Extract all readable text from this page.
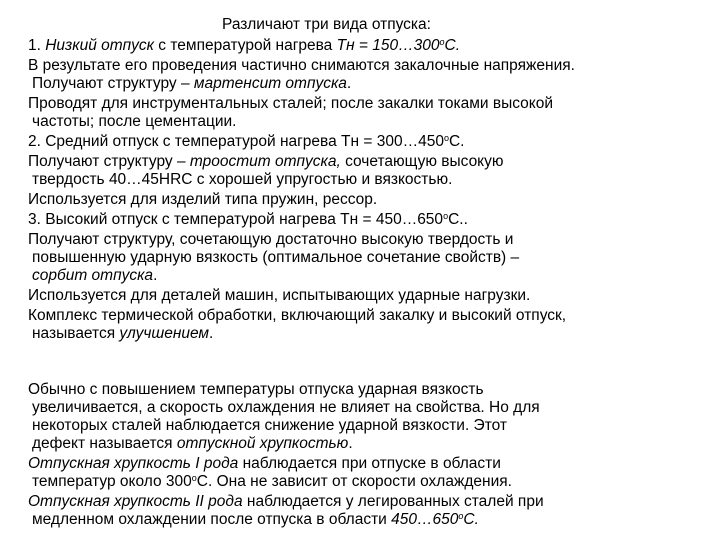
Различают три вида отпуска:

1. Низкий отпуск с температурой нагрева Тн = $150\dots 300^оС$.

В результате его проведения частично снимаются закалочные напряжения.
Получают структуру – мартенсит отпуска.

Проводят для инструментальных сталей; после закалки токами высокой
частоты; после цементации.

2. Средний отпуск с температурой нагрева Тн = $300\dots 450^оС$.

Получают структуру – троостит отпуска, сочетающую высокую
твердость 40…45HRC с хорошей упругостью и вязкостью.

Используется для изделий типа пружин, рессор.

3. Высокий отпуск с температурой нагрева Тн = $450\dots 650^оС$..

Получают структуру, сочетающую достаточно высокую твердость и
повышенную ударную вязкость (оптимальное сочетание свойств) –
сорбит отпуска.

Используется для деталей машин, испытывающих ударные нагрузки.

Комплекс термической обработки, включающий закалку и высокий отпуск,
называется улучшением.

Обычно с повышением температуры отпуска ударная вязкость
увеличивается, а скорость охлаждения не влияет на свойства. Но для
некоторых сталей наблюдается снижение ударной вязкости. Этот
дефект называется отпускной хрупкостью.

Отпускная хрупкость I рода наблюдается при отпуске в области
температур около $300^оС$. Она не зависит от скорости охлаждения.

Отпускная хрупкость II рода наблюдается у легированных сталей при
медленном охлаждении после отпуска в области $450\dots 650^оС$.
